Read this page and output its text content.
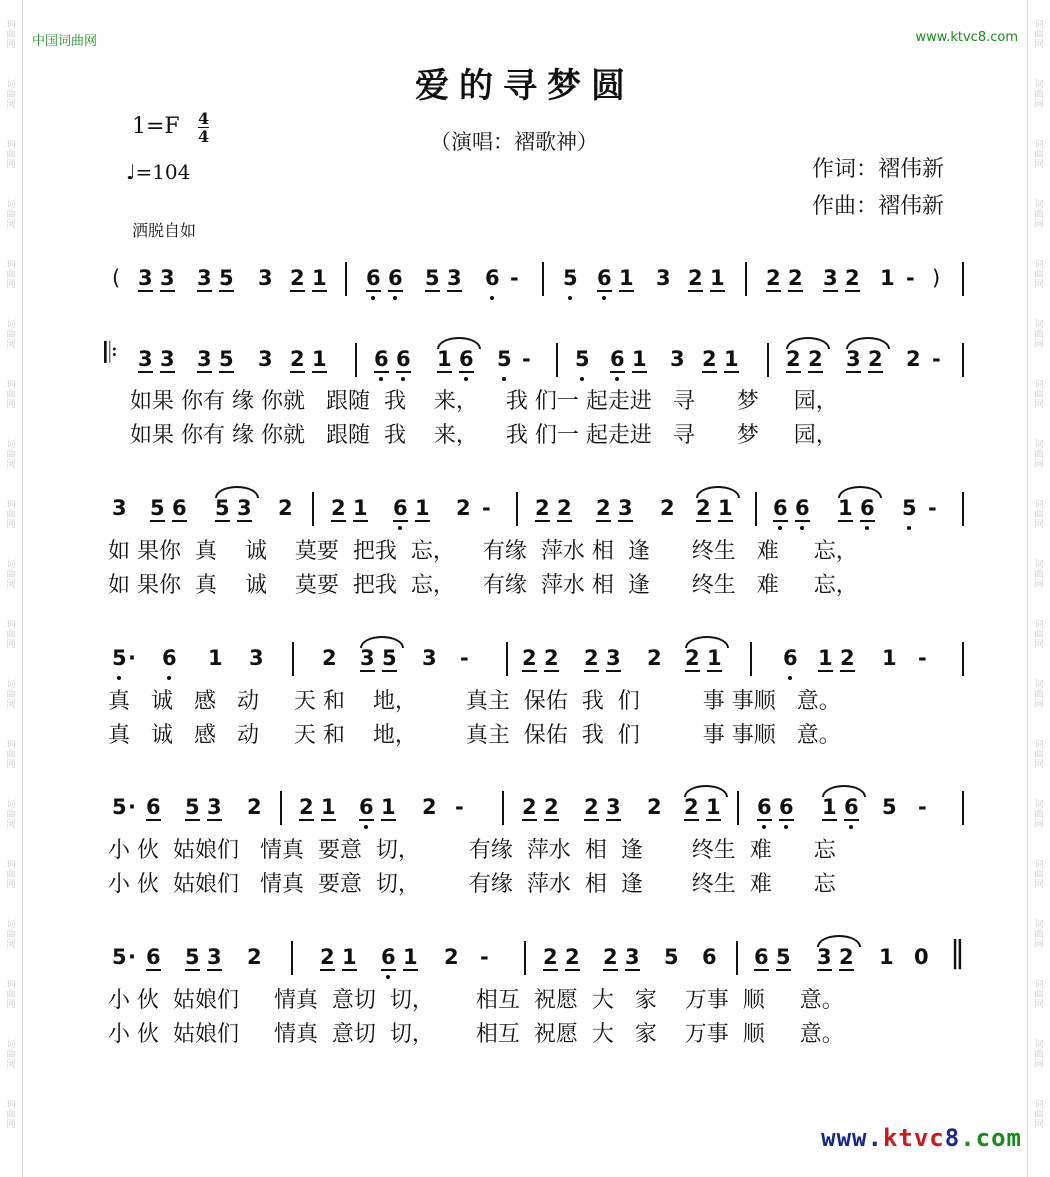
词
曲
网
词
曲
网
词
曲
网
词
曲
网
词
曲
网
词
曲
网
词
曲
网
词
曲
网
词
曲
网
词
曲
网
词
曲
网
词
曲
网
词
曲
网
词
曲
网
词
曲
网
词
曲
网
词
曲
网
词
曲
网
词
曲
网
词
曲
网
词
曲
网
词
曲
网
词
曲
网
词
曲
网
词
曲
网
词
曲
网
词
曲
网
词
曲
网
词
曲
网
词
曲
网
词
曲
网
词
曲
网
词
曲
网
词
曲
网
词
曲
网
词
曲
网
词
曲
网
词
曲
网
中国词曲网	www.ktvc8.com
爱的寻梦圆
1=F 4
4
♩=104
（演唱：褶歌神）
作词：褶伟新
作曲：褶伟新
洒脱自如
( 3 3 3 5 3 2 1 6 6 5 3 6 - 5 6 1 3 2 1 2 2 3 2 1 - )
𝄆 3 3 3 5 3 2 1 6 6 1 6 5 - 5 6 1 3 2 1 2 2 3 2 2 -
如果 你有 缘 你就   跟随  我    来，    我 们一 起走进   寻      梦     园，
如果 你有 缘 你就   跟随  我    来，    我 们一 起走进   寻      梦     园，
3 5 6 5 3 2 2 1 6 1 2 - 2 2 2 3 2 2 1 6 6 1 6 5 -
如 果你  真    诚    莫要  把我  忘，    有缘  萍水 相  逢      终生   难     忘，
如 果你  真    诚    莫要  把我  忘，    有缘  萍水 相  逢      终生   难     忘，
5 · 6 1 3	2 3 5 3 -	2 2 2 3 2 2 1	6 1 2 1 -
真   诚   感   动     天 和    地，       真主  保佑  我  们         事 事顺   意。
真   诚   感   动     天 和    地，       真主  保佑  我  们         事 事顺   意。
5 · 6 5 3 2 2 1 6 1 2 -	2 2 2 3 2 2 1 6 6 1 6 5 -
小 伙  姑娘们   情真  要意  切，       有缘  萍水  相  逢       终生  难      忘
小 伙  姑娘们   情真  要意  切，       有缘  萍水  相  逢       终生  难      忘
5 · 6 5 3 2	2 1 6 1 2 -	2 2 2 3 5 6 6 5 3 2 1 0 ‖
小 伙  姑娘们     情真  意切  切，      相互  祝愿  大   家    万事  顺     意。
小 伙  姑娘们     情真  意切  切，      相互  祝愿  大   家    万事  顺     意。
www.ktvc8.com
